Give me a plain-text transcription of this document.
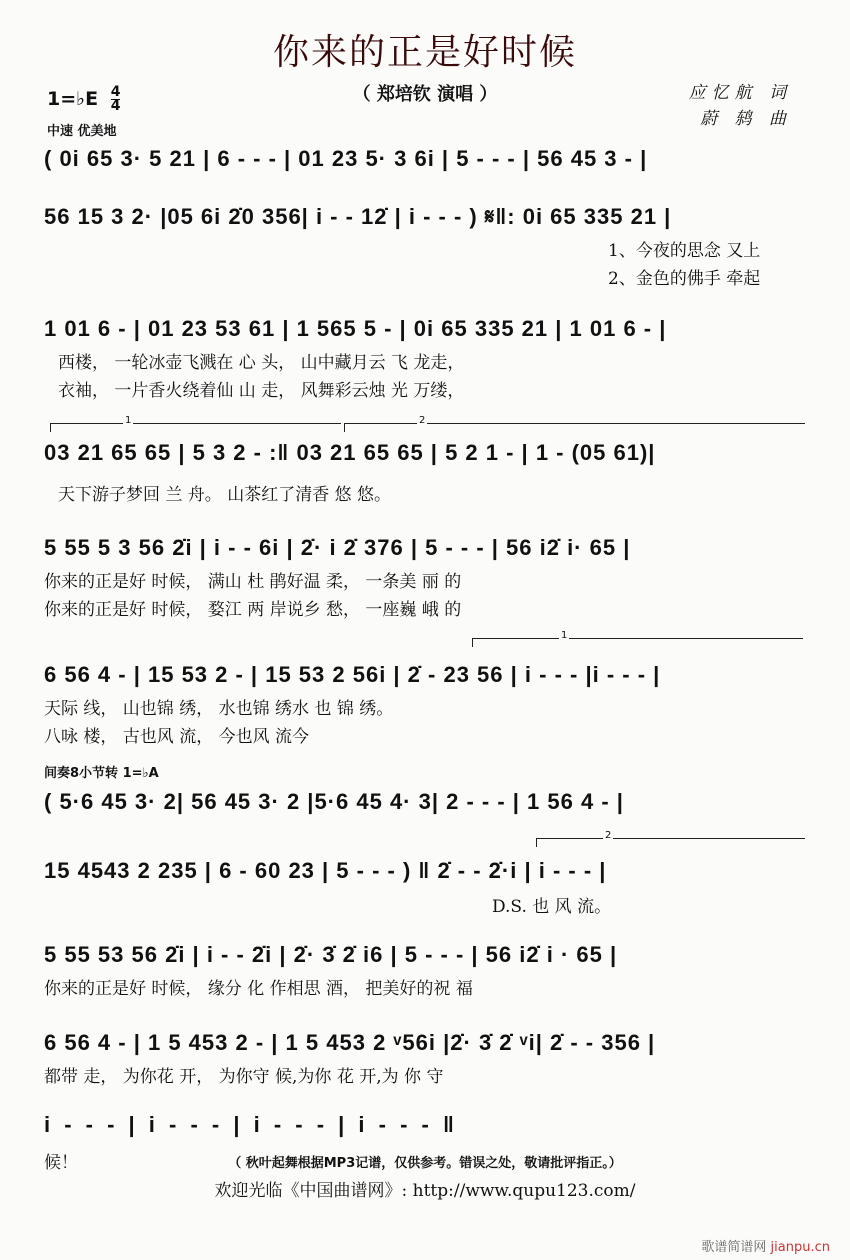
你来的正是好时候
（ 郑培钦 演唱 ）
1=♭E $\frac{4}{4}$
中速 优美地
应忆航 词
蔚 鸫 曲
( 0i 65 3· 5 21 | 6 - - - | 01 23 5· 3 6i | 5 - - - | 56 45 3 - |
56 15 3 2· |05 6i 2̇0 356| i - - 12̇ | i - - - ) 𝄋‖: 0i 65 335 21 |
1、今夜的思念 又上
2、金色的佛手 牵起
1 01 6 - | 01 23 53 61 | 1 565 5 - | 0i 65 335 21 | 1 01 6 - |
西楼， 一轮冰壶飞溅在 心 头， 山中藏月云 飞 龙走，
衣袖， 一片香火绕着仙 山 走， 风舞彩云烛 光 万缕，
1	2
03 21 65 65 | 5 3 2 - :‖ 03 21 65 65 | 5 2 1 - | 1 - (05 61)|
天下游子梦回 兰 舟。 山茶红了清香 悠 悠。
5 55 5 3 56 2̇i | i - - 6i | 2̇· i 2̇ 376 | 5 - - - | 56 i2̇ i· 65 |
你来的正是好 时候， 满山 杜 鹃好温 柔， 一条美 丽 的
你来的正是好 时候， 婺江 两 岸说乡 愁， 一座巍 峨 的
1
6 56 4 - | 15 53 2 - | 15 53 2 56i | 2̇ - 23 56 | i - - - |i - - - |
天际 线， 山也锦 绣， 水也锦 绣水 也 锦 绣。
八咏 楼， 古也风 流， 今也风 流今
间奏8小节转 1=♭A
( 5·6 45 3· 2| 56 45 3· 2 |5·6 45 4· 3| 2 - - - | 1 56 4 - |
2
15 4543 2 235 | 6 - 60 23 | 5 - - - ) ‖ 2̇ - - 2̇·i | i - - - |
D.S. 也 风 流。
5 55 53 56 2̇i | i - - 2̇i | 2̇· 3̇ 2̇ i6 | 5 - - - | 56 i2̇ i · 65 |
你来的正是好 时候， 缘分 化 作相思 酒， 把美好的祝 福
6 56 4 - | 1 5 453 2 - | 1 5 453 2 ᵛ56i |2̇· 3̇ 2̇ ᵛi| 2̇ - - 356 |
都带 走， 为你花 开， 为你守 候,为你 花 开,为 你 守
i - - - | i - - - | i - - - | i - - - ‖
候！	（ 秋叶起舞根据MP3记谱，仅供参考。错误之处，敬请批评指正。）
欢迎光临《中国曲谱网》: http://www.qupu123.com/
歌谱简谱网 jianpu.cn
